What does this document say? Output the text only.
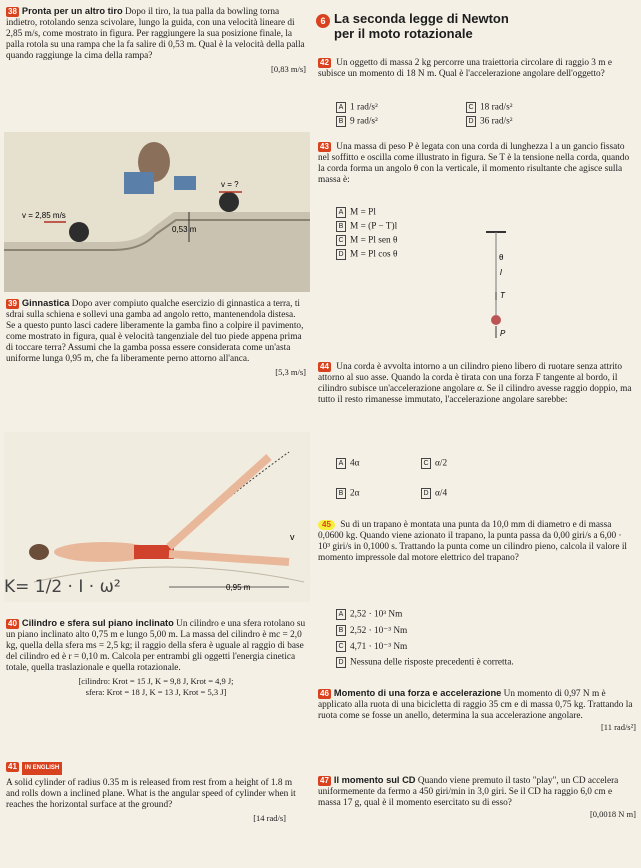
38 Pronta per un altro tiro Dopo il tiro, la tua palla da bowling torna indietro, rotolando senza scivolare, lungo la guida, con una velocità lineare di 2,85 m/s, come mostrato in figura. Per raggiungere la sua posizione finale, la palla rotola su una rampa che la fa salire di 0,53 m. Qual è la velocità della palla quando raggiunge la cima della rampa?
[0,83 m/s]
v = 2,85 m/s
v = ?
0,53 m
39 Ginnastica Dopo aver compiuto qualche esercizio di ginnastica a terra, ti sdrai sulla schiena e sollevi una gamba ad angolo retto, mantenendola distesa. Se a questo punto lasci cadere liberamente la gamba fino a colpire il pavimento, come mostrato in figura, qual è velocità tangenziale del tuo piede appena prima di toccare terra? Assumi che la gamba possa essere considerata come un'asta uniforme lunga 0,95 m, che fa liberamente perno attorno all'anca.
[5,3 m/s]
0,95 m
v
K= 1/2 · I · ω²
40 Cilindro e sfera sul piano inclinato Un cilindro e una sfera rotolano su un piano inclinato alto 0,75 m e lungo 5,00 m. La massa del cilindro è mc = 2,0 kg, quella della sfera ms = 2,5 kg; il raggio della sfera è uguale al raggio di base del cilindro ed è r = 0,10 m. Calcola per entrambi gli oggetti l'energia cinetica totale, quella traslazionale e quella rotazionale.
[cilindro: Krot = 15 J, K = 9,8 J, Krot = 4,9 J;
sfera: Krot = 18 J, K = 13 J, Krot = 5,3 J]
41 IN ENGLISH
A solid cylinder of radius 0.35 m is released from rest from a height of 1.8 m and rolls down a inclined plane. What is the angular speed of cylinder when it reaches the horizontal surface at the ground?
[14 rad/s]
6 La seconda legge di Newton
per il moto rotazionale
42 Un oggetto di massa 2 kg percorre una traiettoria circolare di raggio 3 m e subisce un momento di 18 N m. Qual è l'accelerazione angolare dell'oggetto?
A 1 rad/s²
B 9 rad/s²
C 18 rad/s²
D 36 rad/s²
43 Una massa di peso P è legata con una corda di lunghezza l a un gancio fissato nel soffitto e oscilla come illustrato in figura. Se T è la tensione nella corda, quando la corda forma un angolo θ con la verticale, il momento risultante che agisce sulla massa è:
A M = Pl
B M = (P − T)l
C M = Pl sen θ
D M = Pl cos θ	θ
l
T
P
44 Una corda è avvolta intorno a un cilindro pieno libero di ruotare senza attrito attorno al suo asse. Quando la corda è tirata con una forza F tangente al bordo, il cilindro subisce un'accelerazione angolare α. Se il cilindro avesse raggio doppio, ma tutto il resto rimanesse immutato, l'accelerazione angolare sarebbe:
A 4α
B 2α
C α/2
D α/4
45 Su di un trapano è montata una punta da 10,0 mm di diametro e di massa 0,0600 kg. Quando viene azionato il trapano, la punta passa da 0,00 giri/s a 6,00 · 10³ giri/s in 0,1000 s. Trattando la punta come un cilindro pieno, calcola il valore il momento impressole dal motore elettrico del trapano?
A 2,52 · 10³ Nm
B 2,52 · 10⁻³ Nm
C 4,71 · 10⁻³ Nm
D Nessuna delle risposte precedenti è corretta.
46 Momento di una forza e accelerazione Un momento di 0,97 N m è applicato alla ruota di una bicicletta di raggio 35 cm e di massa 0,75 kg. Trattando la ruota come se fosse un anello, determina la sua accelerazione angolare.
[11 rad/s²]
47 Il momento sul CD Quando viene premuto il tasto "play", un CD accelera uniformemente da fermo a 450 giri/min in 3,0 giri. Se il CD ha raggio 6,0 cm e massa 17 g, qual è il momento esercitato su di esso?
[0,0018 N m]
